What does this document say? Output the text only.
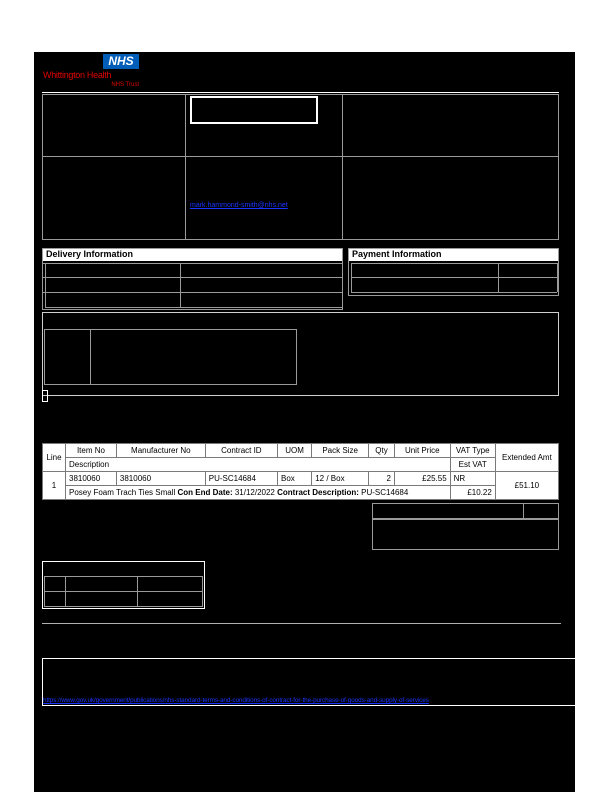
NHS
Whittington Health
NHS Trust
mark.hammond-smith@nhs.net
Delivery Information	Payment Information
Line	Item No	Manufacturer No	Contract ID	UOM	Pack Size	Qty	Unit Price	VAT Type	Extended Amt
	Description							Est VAT	
1	3810060	3810060	PU-SC14684	Box	12 / Box	2	£25.55	NR	£51.10
	Posey Foam Trach Ties Small Con End Date: 31/12/2022 Contract Description: PU-SC14684							£10.22	
https://www.gov.uk/government/publications/nhs-standard-terms-and-conditions-of-contract-for-the-purchase-of-goods-and-supply-of-services
